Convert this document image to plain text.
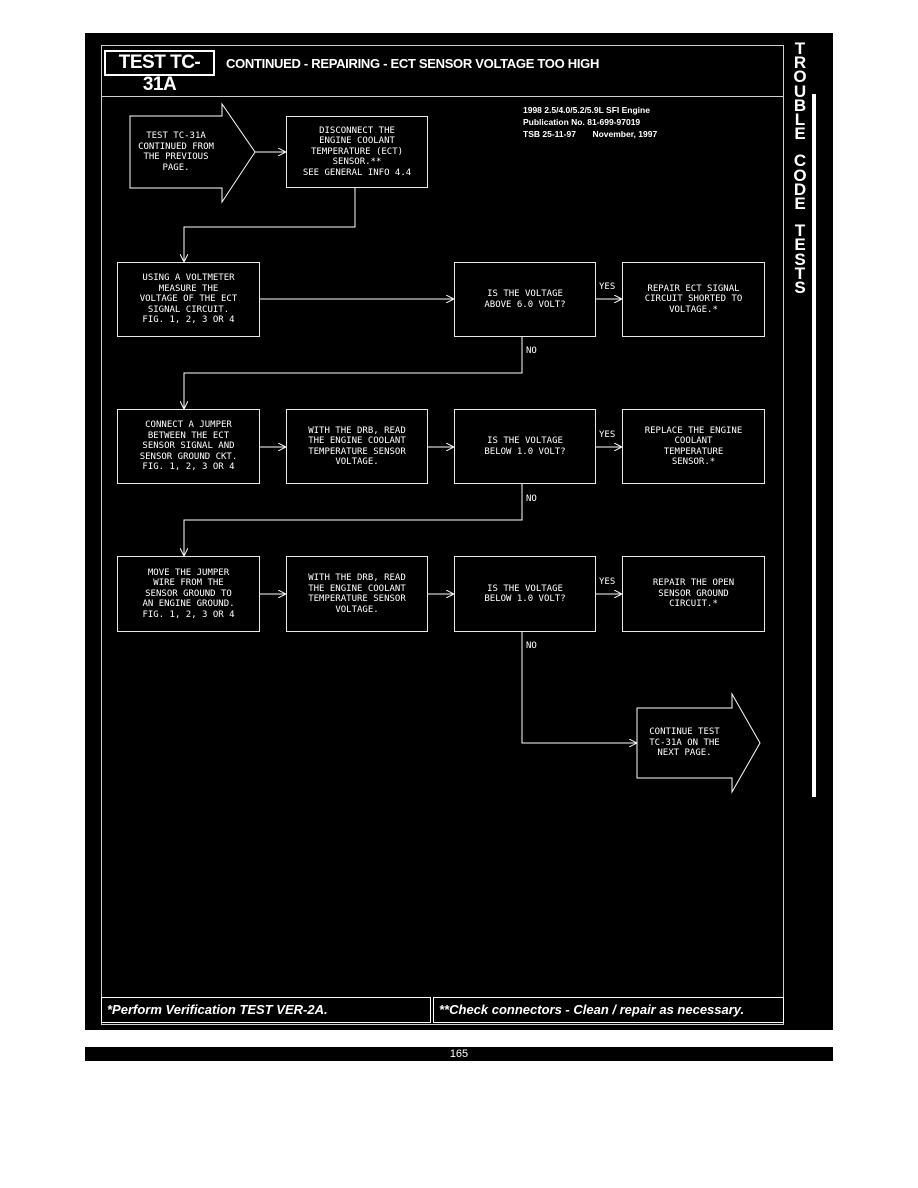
TEST TC-31A
CONTINUED - REPAIRING - ECT SENSOR VOLTAGE TOO HIGH
T
R
O
U
B
L
E
C
O
D
E
T
E
S
T
S
1998 2.5/4.0/5.2/5.9L SFI Engine
Publication No. 81-699-97019
TSB 25-11-97 November, 1997
TEST TC-31A
CONTINUED FROM
THE PREVIOUS
PAGE.
DISCONNECT THE
ENGINE COOLANT
TEMPERATURE (ECT)
SENSOR.**
SEE GENERAL INFO 4.4
USING A VOLTMETER
MEASURE THE
VOLTAGE OF THE ECT
SIGNAL CIRCUIT.
FIG. 1, 2, 3 OR 4
IS THE VOLTAGE
ABOVE 6.0 VOLT?
REPAIR ECT SIGNAL
CIRCUIT SHORTED TO
VOLTAGE.*
CONNECT A JUMPER
BETWEEN THE ECT
SENSOR SIGNAL AND
SENSOR GROUND CKT.
FIG. 1, 2, 3 OR 4
WITH THE DRB, READ
THE ENGINE COOLANT
TEMPERATURE SENSOR
VOLTAGE.
IS THE VOLTAGE
BELOW 1.0 VOLT?
REPLACE THE ENGINE
COOLANT
TEMPERATURE
SENSOR.*
MOVE THE JUMPER
WIRE FROM THE
SENSOR GROUND TO
AN ENGINE GROUND.
FIG. 1, 2, 3 OR 4
WITH THE DRB, READ
THE ENGINE COOLANT
TEMPERATURE SENSOR
VOLTAGE.
IS THE VOLTAGE
BELOW 1.0 VOLT?
REPAIR THE OPEN
SENSOR GROUND
CIRCUIT.*
CONTINUE TEST
TC-31A ON THE
NEXT PAGE.
YES
YES
YES
NO
NO
NO
*Perform Verification TEST VER-2A.	**Check connectors - Clean / repair as necessary.
165
